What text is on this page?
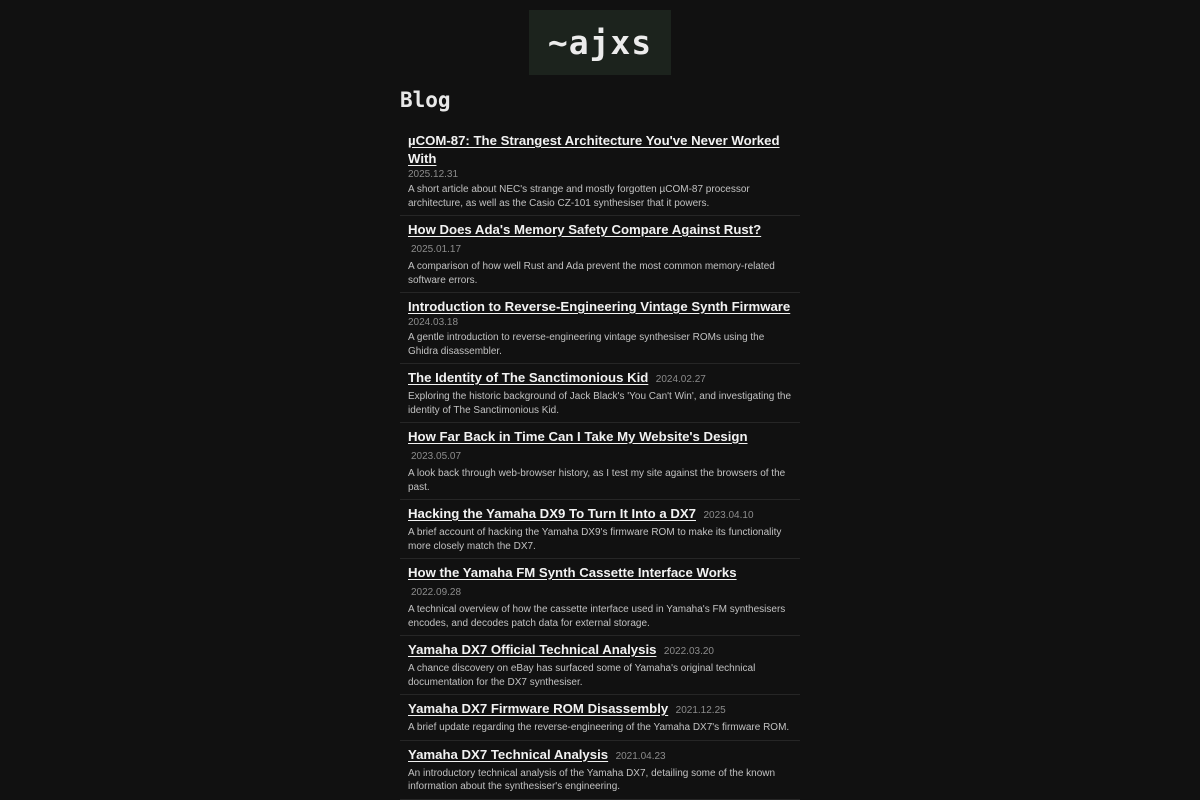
~ajxs
Blog
µCOM-87: The Strangest Architecture You've Never Worked With
2025.12.31

A short article about NEC's strange and mostly forgotten µCOM-87 processor architecture, as well as the Casio CZ-101 synthesiser that it powers.

How Does Ada's Memory Safety Compare Against Rust? 2025.01.17

A comparison of how well Rust and Ada prevent the most common memory-related software errors.

Introduction to Reverse-Engineering Vintage Synth Firmware
2024.03.18

A gentle introduction to reverse-engineering vintage synthesiser ROMs using the Ghidra disassembler.

The Identity of The Sanctimonious Kid 2024.02.27

Exploring the historic background of Jack Black's 'You Can't Win', and investigating the identity of The Sanctimonious Kid.

How Far Back in Time Can I Take My Website's Design 2023.05.07

A look back through web-browser history, as I test my site against the browsers of the past.

Hacking the Yamaha DX9 To Turn It Into a DX7 2023.04.10

A brief account of hacking the Yamaha DX9's firmware ROM to make its functionality more closely match the DX7.

How the Yamaha FM Synth Cassette Interface Works 2022.09.28

A technical overview of how the cassette interface used in Yamaha's FM synthesisers encodes, and decodes patch data for external storage.

Yamaha DX7 Official Technical Analysis 2022.03.20

A chance discovery on eBay has surfaced some of Yamaha's original technical documentation for the DX7 synthesiser.

Yamaha DX7 Firmware ROM Disassembly 2021.12.25

A brief update regarding the reverse-engineering of the Yamaha DX7's firmware ROM.

Yamaha DX7 Technical Analysis 2021.04.23

An introductory technical analysis of the Yamaha DX7, detailing some of the known information about the synthesiser's engineering.
